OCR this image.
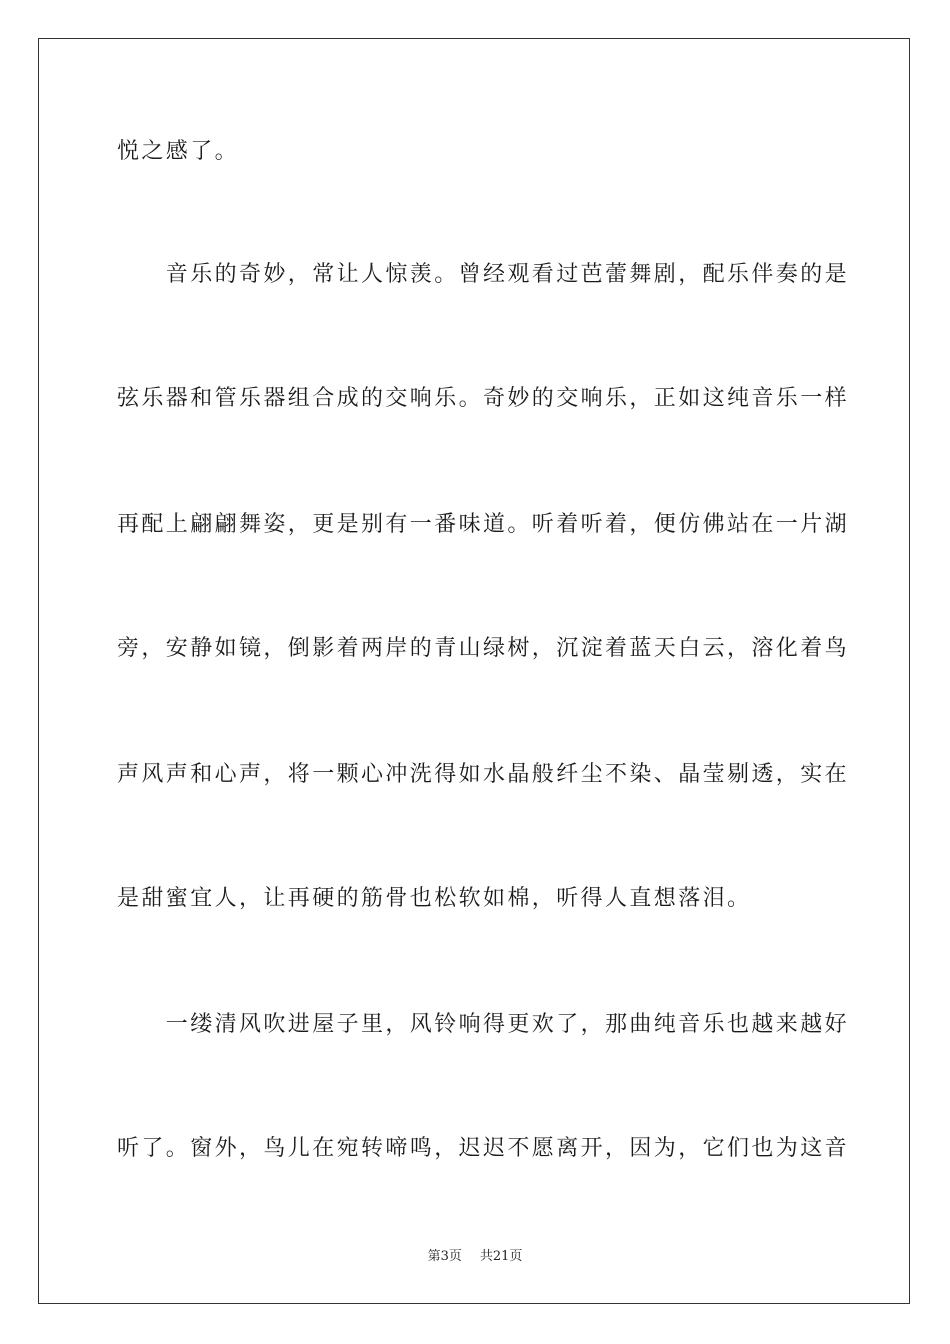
悦之感了。
　　音乐的奇妙，常让人惊羡。曾经观看过芭蕾舞剧，配乐伴奏的是
弦乐器和管乐器组合成的交响乐。奇妙的交响乐，正如这纯音乐一样
再配上翩翩舞姿，更是别有一番味道。听着听着，便仿佛站在一片湖
旁，安静如镜，倒影着两岸的青山绿树，沉淀着蓝天白云，溶化着鸟
声风声和心声，将一颗心冲洗得如水晶般纤尘不染、晶莹剔透，实在
是甜蜜宜人，让再硬的筋骨也松软如棉，听得人直想落泪。
　　一缕清风吹进屋子里，风铃响得更欢了，那曲纯音乐也越来越好
听了。窗外，鸟儿在宛转啼鸣，迟迟不愿离开，因为，它们也为这音
第3页 共21页
